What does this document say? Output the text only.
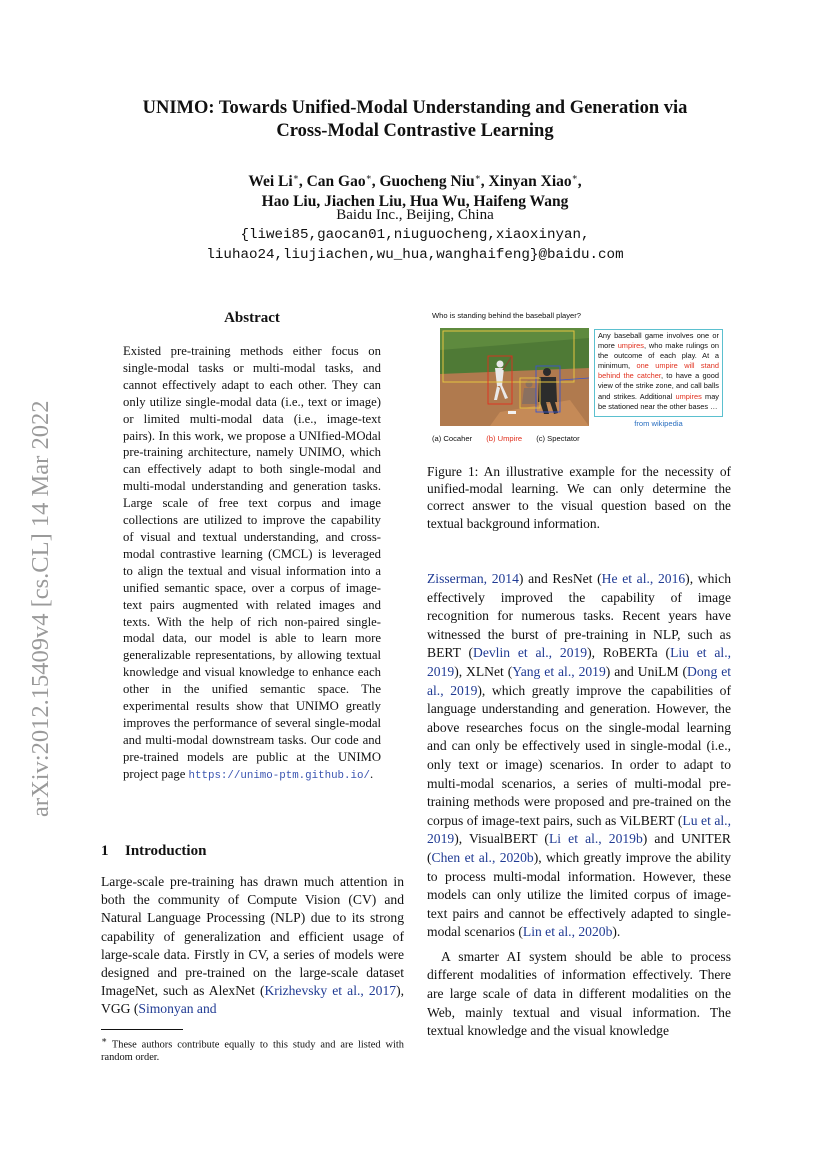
arXiv:2012.15409v4 [cs.CL] 14 Mar 2022
UNIMO: Towards Unified-Modal Understanding and Generation via
Cross-Modal Contrastive Learning
Wei Li∗, Can Gao∗, Guocheng Niu∗, Xinyan Xiao∗,
Hao Liu, Jiachen Liu, Hua Wu, Haifeng Wang
Baidu Inc., Beijing, China
{liwei85,gaocan01,niuguocheng,xiaoxinyan,
liuhao24,liujiachen,wu_hua,wanghaifeng}@baidu.com
Abstract
Existed pre-training methods either focus on single-modal tasks or multi-modal tasks, and cannot effectively adapt to each other. They can only utilize single-modal data (i.e., text or image) or limited multi-modal data (i.e., image-text pairs). In this work, we propose a UNIfied-MOdal pre-training architecture, namely UNIMO, which can effectively adapt to both single-modal and multi-modal understanding and generation tasks. Large scale of free text corpus and image collections are utilized to improve the capability of visual and textual understanding, and cross-modal contrastive learning (CMCL) is leveraged to align the textual and visual information into a unified semantic space, over a corpus of image-text pairs augmented with related images and texts. With the help of rich non-paired single-modal data, our model is able to learn more generalizable representations, by allowing textual knowledge and visual knowledge to enhance each other in the unified semantic space. The experimental results show that UNIMO greatly improves the performance of several single-modal and multi-modal downstream tasks. Our code and pre-trained models are public at the UNIMO project page https://unimo-ptm.github.io/.
1 Introduction
Large-scale pre-training has drawn much attention in both the community of Compute Vision (CV) and Natural Language Processing (NLP) due to its strong capability of generalization and efficient usage of large-scale data. Firstly in CV, a series of models were designed and pre-trained on the large-scale dataset ImageNet, such as AlexNet (Krizhevsky et al., 2017), VGG (Simonyan and
∗ These authors contribute equally to this study and are listed with random order.
Who is standing behind the baseball player?
Any baseball game involves one or more umpires, who make rulings on the outcome of each play. At a minimum, one umpire will stand behind the catcher, to have a good view of the strike zone, and call balls and strikes. Additional umpires may be stationed near the other bases …
from wikipedia
(a) Cocaher (b) Umpire (c) Spectator
Figure 1: An illustrative example for the necessity of unified-modal learning. We can only determine the correct answer to the visual question based on the textual background information.

Zisserman, 2014) and ResNet (He et al., 2016), which effectively improved the capability of image recognition for numerous tasks. Recent years have witnessed the burst of pre-training in NLP, such as BERT (Devlin et al., 2019), RoBERTa (Liu et al., 2019), XLNet (Yang et al., 2019) and UniLM (Dong et al., 2019), which greatly improve the capabilities of language understanding and generation. However, the above researches focus on the single-modal learning and can only be effectively used in single-modal (i.e., only text or image) scenarios. In order to adapt to multi-modal scenarios, a series of multi-modal pre-training methods were proposed and pre-trained on the corpus of image-text pairs, such as ViLBERT (Lu et al., 2019), VisualBERT (Li et al., 2019b) and UNITER (Chen et al., 2020b), which greatly improve the ability to process multi-modal information. However, these models can only utilize the limited corpus of image-text pairs and cannot be effectively adapted to single-modal scenarios (Lin et al., 2020b).

A smarter AI system should be able to process different modalities of information effectively. There are large scale of data in different modalities on the Web, mainly textual and visual information. The textual knowledge and the visual knowledge
